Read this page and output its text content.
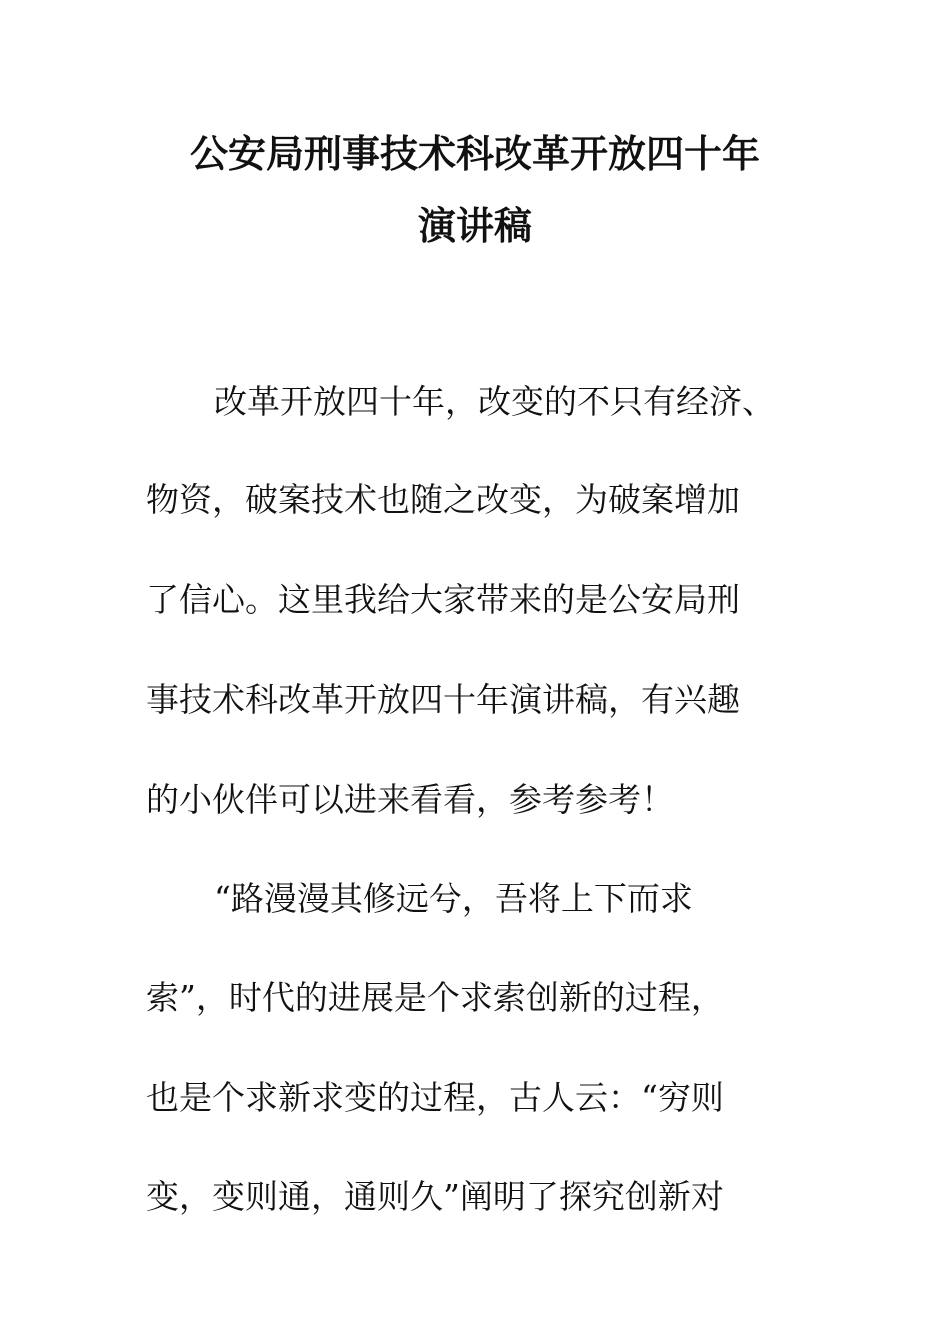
公安局刑事技术科改革开放四十年
演讲稿
改革开放四十年，改变的不只有经济、
物资，破案技术也随之改变，为破案增加
了信心。这里我给大家带来的是公安局刑
事技术科改革开放四十年演讲稿，有兴趣
的小伙伴可以进来看看，参考参考！
“路漫漫其修远兮，吾将上下而求
索”，时代的进展是个求索创新的过程，
也是个求新求变的过程，古人云：“穷则
变，变则通，通则久”阐明了探究创新对
